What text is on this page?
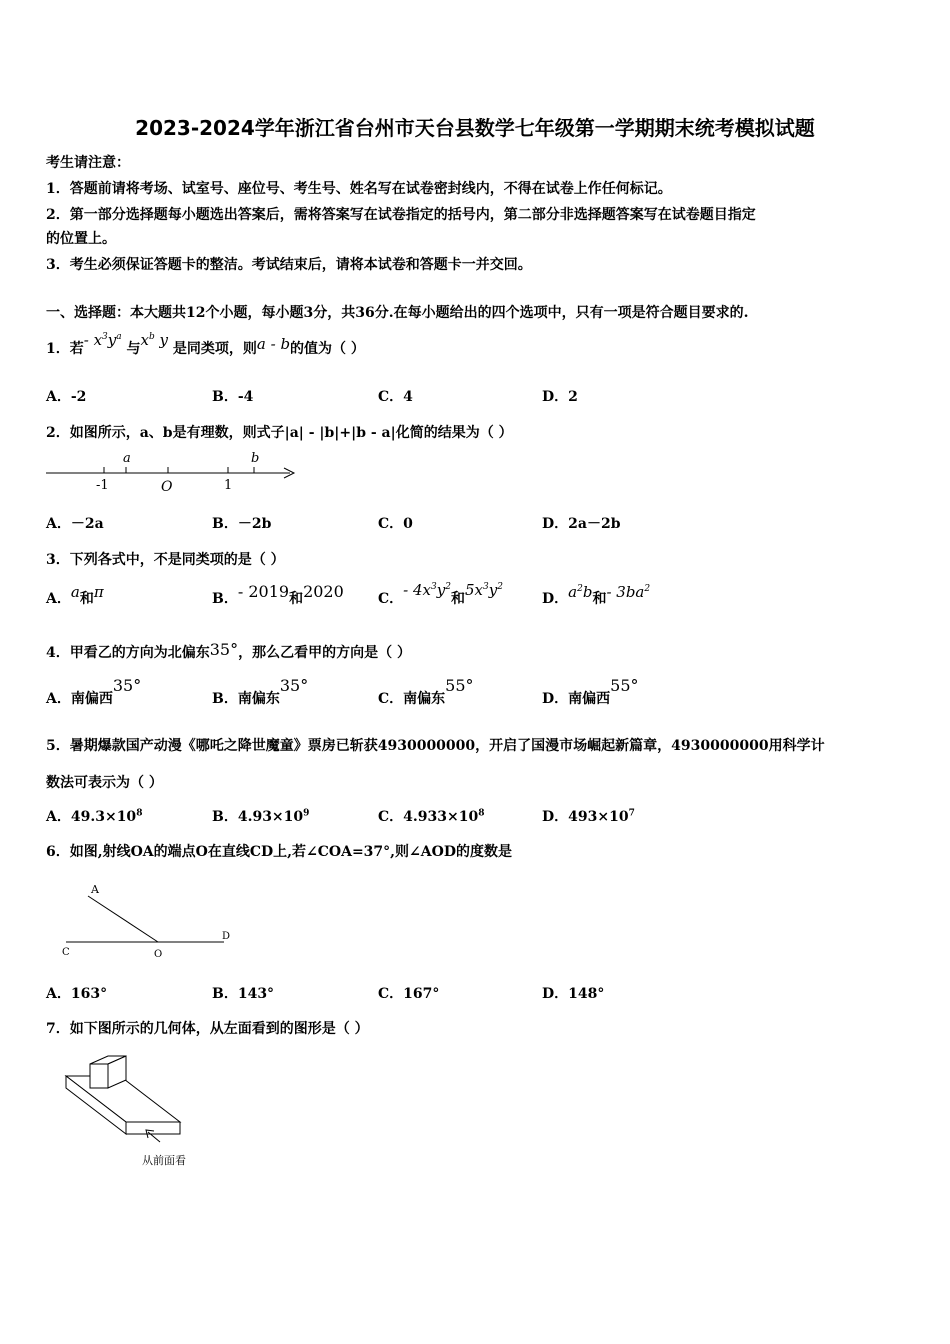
2023-2024学年浙江省台州市天台县数学七年级第一学期期末统考模拟试题
考生请注意：
1．答题前请将考场、试室号、座位号、考生号、姓名写在试卷密封线内，不得在试卷上作任何标记。
2．第一部分选择题每小题选出答案后，需将答案写在试卷指定的括号内，第二部分非选择题答案写在试卷题目指定
的位置上。
3．考生必须保证答题卡的整洁。考试结束后，请将本试卷和答题卡一并交回。
一、选择题：本大题共12个小题，每小题3分，共36分.在每小题给出的四个选项中，只有一项是符合题目要求的.
1．若- $x^3y^a$ 与$x^b$ y 是同类项，则a - b的值为（ ）
A．-2	B．-4	C．4	D．2
2．如图所示，a、b是有理数，则式子|a| - |b|+|b - a|化简的结果为（ ）
a	b
-1	O	1
A．－2a	B．－2b	C．0	D．2a－2b
3．下列各式中，不是同类项的是（ ）
A．a和π	B．- 2019和2020 C．- $4x^3y^2$和$5x^3y^2$
D．$a^2b$和- $3ba^2$
4．甲看乙的方向为北偏东35°，那么乙看甲的方向是（ ）
A．南偏西35°
B．南偏东35°
C．南偏东55°
D．南偏西55°
5．暑期爆款国产动漫《哪吒之降世魔童》票房已斩获4930000000，开启了国漫市场崛起新篇章，4930000000用科学计
数法可表示为（ ）
A．$49.3\times 10^8$	B．$4.93\times 10^9$	C．$4.933\times 10^8$	D．$493\times 10^7$
6．如图,射线OA的端点O在直线CD上,若∠COA=37°,则∠AOD的度数是
A
C	O
D
A．163°	B．143°	C．167°	D．148°
7．如下图所示的几何体，从左面看到的图形是（ ）
从前面看
